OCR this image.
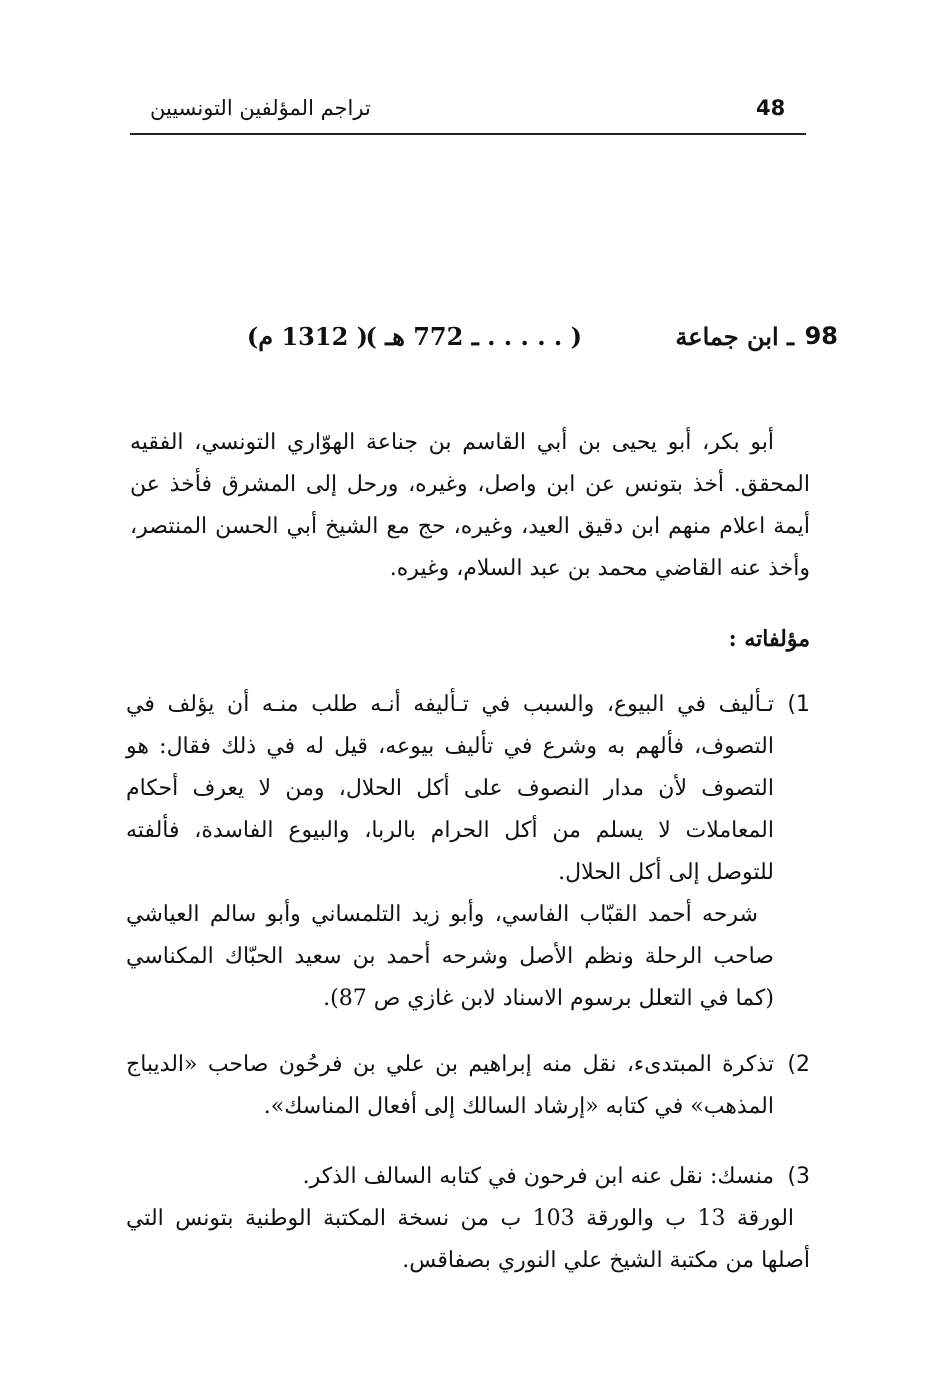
تراجم المؤلفين التونسيين	48
98
ـ ابن جماعة
( . . . . . ـ 772 هـ )
( 1312 م)

أبو بكر، أبو يحيى بن أبي القاسم بن جناعة الهوّاري التونسي، الفقيه المحقق. أخذ بتونس عن ابن واصل، وغيره، ورحل إلى المشرق فأخذ عن أيمة اعلام منهم ابن دقيق العيد، وغيره، حج مع الشيخ أبي الحسن المنتصر، وأخذ عنه القاضي محمد بن عبد السلام، وغيره.

مؤلفاته :
1)
تـأليف في البيوع، والسبب في تـأليفه أنـه طلب منـه أن يؤلف في التصوف، فألهم به وشرع في تأليف بيوعه، قيل له في ذلك فقال: هو التصوف لأن مدار النصوف على أكل الحلال، ومن لا يعرف أحكام المعاملات لا يسلم من أكل الحرام بالربا، والبيوع الفاسدة، فألفته للتوصل إلى أكل الحلال.
شرحه أحمد القبّاب الفاسي، وأبو زيد التلمساني وأبو سالم العياشي صاحب الرحلة ونظم الأصل وشرحه أحمد بن سعيد الحبّاك المكناسي (كما في التعلل برسوم الاسناد لابن غازي ص 87).
2)
تذكرة المبتدىء، نقل منه إبراهيم بن علي بن فرحُون صاحب «الديباج المذهب» في كتابه «إرشاد السالك إلى أفعال المناسك».
3)
منسك: نقل عنه ابن فرحون في كتابه السالف الذكر.
الورقة 13 ب والورقة 103 ب من نسخة المكتبة الوطنية بتونس التي أصلها من مكتبة الشيخ علي النوري بصفاقس.
